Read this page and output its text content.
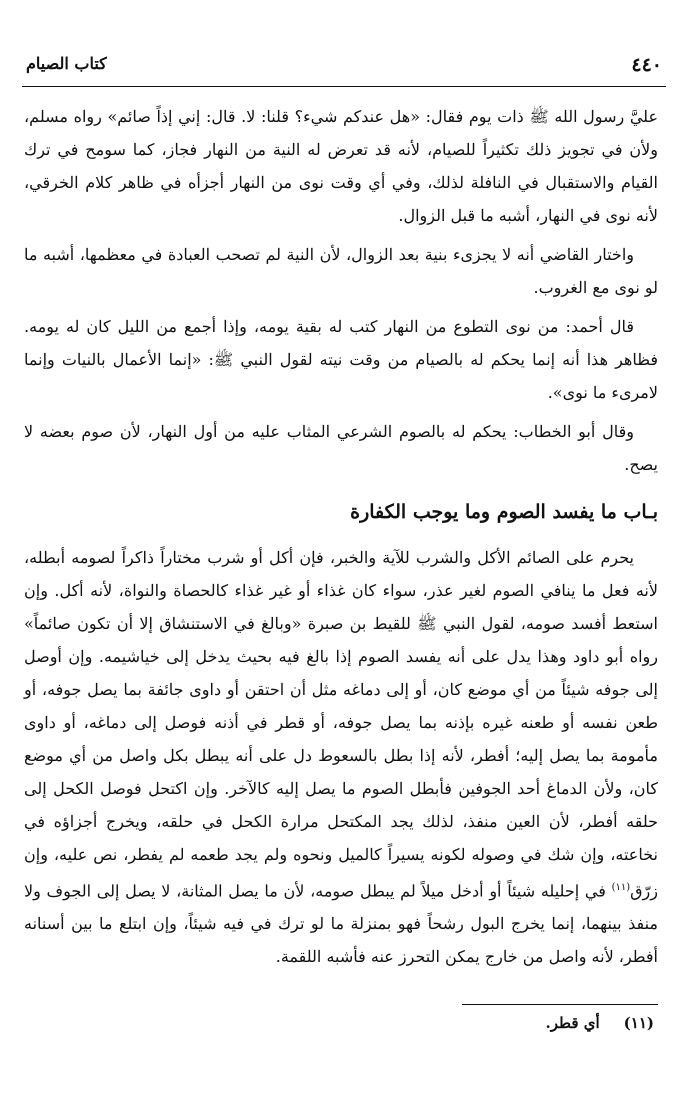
٤٤٠
كتاب الصيام

عليَّ رسول الله ﷺ ذات يوم فقال: «هل عندكم شيء؟ قلنا: لا. قال: إني إذاً صائم» رواه مسلم، ولأن في تجويز ذلك تكثيراً للصيام، لأنه قد تعرض له النية من النهار فجاز، كما سومح في ترك القيام والاستقبال في النافلة لذلك، وفي أي وقت نوى من النهار أجزأه في ظاهر كلام الخرقي، لأنه نوى في النهار، أشبه ما قبل الزوال.

واختار القاضي أنه لا يجزىء بنية بعد الزوال، لأن النية لم تصحب العبادة في معظمها، أشبه ما لو نوى مع الغروب.

قال أحمد: من نوى التطوع من النهار كتب له بقية يومه، وإذا أجمع من الليل كان له يومه. فظاهر هذا أنه إنما يحكم له بالصيام من وقت نيته لقول النبي ﷺ: «إنما الأعمال بالنيات وإنما لامرىء ما نوى».

وقال أبو الخطاب: يحكم له بالصوم الشرعي المثاب عليه من أول النهار، لأن صوم بعضه لا يصح.

بـاب ما يفسد الصوم وما يوجب الكفارة

يحرم على الصائم الأكل والشرب للآية والخبر، فإن أكل أو شرب مختاراً ذاكراً لصومه أبطله، لأنه فعل ما ينافي الصوم لغير عذر، سواء كان غذاء أو غير غذاء كالحصاة والنواة، لأنه أكل. وإن استعط أفسد صومه، لقول النبي ﷺ للقيط بن صبرة «وبالغ في الاستنشاق إلا أن تكون صائماً» رواه أبو داود وهذا يدل على أنه يفسد الصوم إذا بالغ فيه بحيث يدخل إلى خياشيمه. وإن أوصل إلى جوفه شيئاً من أي موضع كان، أو إلى دماغه مثل أن احتقن أو داوى جائفة بما يصل جوفه، أو طعن نفسه أو طعنه غيره بإذنه بما يصل جوفه، أو قطر في أذنه فوصل إلى دماغه، أو داوى مأمومة بما يصل إليه؛ أفطر، لأنه إذا بطل بالسعوط دل على أنه يبطل بكل واصل من أي موضع كان، ولأن الدماغ أحد الجوفين فأبطل الصوم ما يصل إليه كالآخر. وإن اكتحل فوصل الكحل إلى حلقه أفطر، لأن العين منفذ، لذلك يجد المكتحل مرارة الكحل في حلقه، ويخرج أجزاؤه في نخاعته، وإن شك في وصوله لكونه يسيراً كالميل ونحوه ولم يجد طعمه لم يفطر، نص عليه، وإن زرّق$^{(١١)}$ في إحليله شيئاً أو أدخل ميلاً لم يبطل صومه، لأن ما يصل المثانة، لا يصل إلى الجوف ولا منفذ بينهما، إنما يخرج البول رشحاً فهو بمنزلة ما لو ترك في فيه شيئاً، وإن ابتلع ما بين أسنانه أفطر، لأنه واصل من خارج يمكن التحرز عنه فأشبه اللقمة.

(١١)أي قطر.
